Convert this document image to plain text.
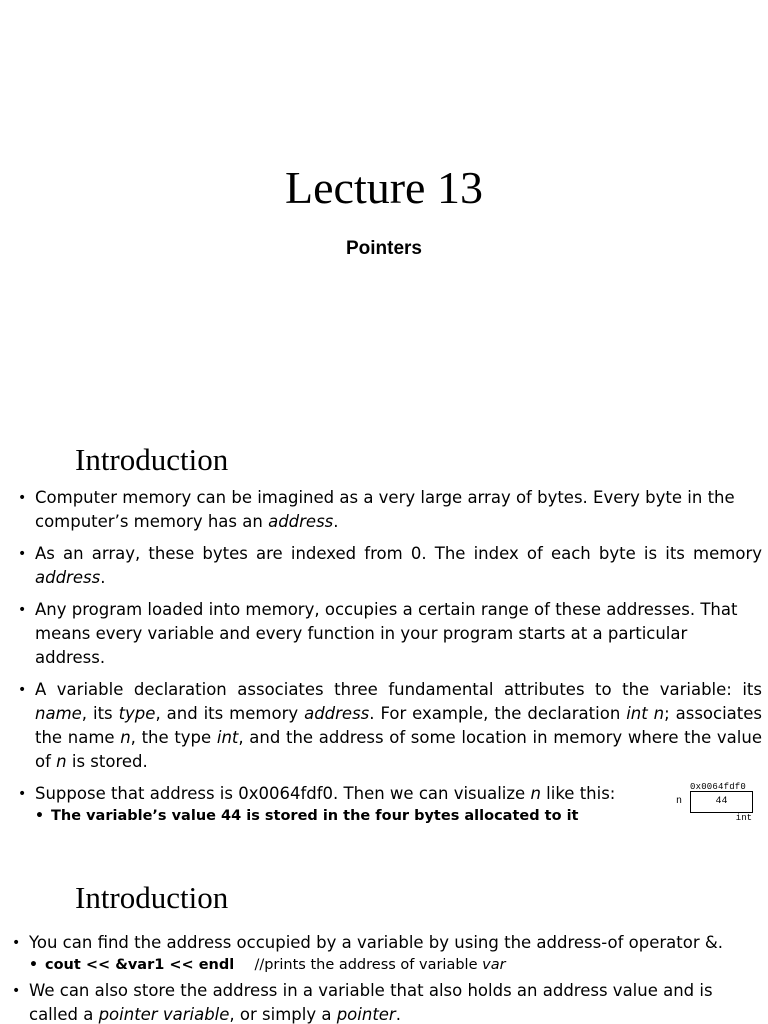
Lecture 13
Pointers
Introduction
• Computer memory can be imagined as a very large array of bytes. Every byte in the computer’s memory has an address.
• As an array, these bytes are indexed from 0. The index of each byte is its memory address.
• Any program loaded into memory, occupies a certain range of these addresses. That means every variable and every function in your program starts at a particular address.
• A variable declaration associates three fundamental attributes to the variable: its name, its type, and its memory address. For example, the declaration int n; associates the name n, the type int, and the address of some location in memory where the value of n is stored.
• Suppose that address is 0x0064fdf0. Then we can visualize n like this:
• The variable’s value 44 is stored in the four bytes allocated to it
0x0064fdf0
n	44
int
Introduction
• You can find the address occupied by a variable by using the address-of operator &.
• cout << &var1 << endl //prints the address of variable var
• We can also store the address in a variable that also holds an address value and is called a pointer variable, or simply a pointer.
